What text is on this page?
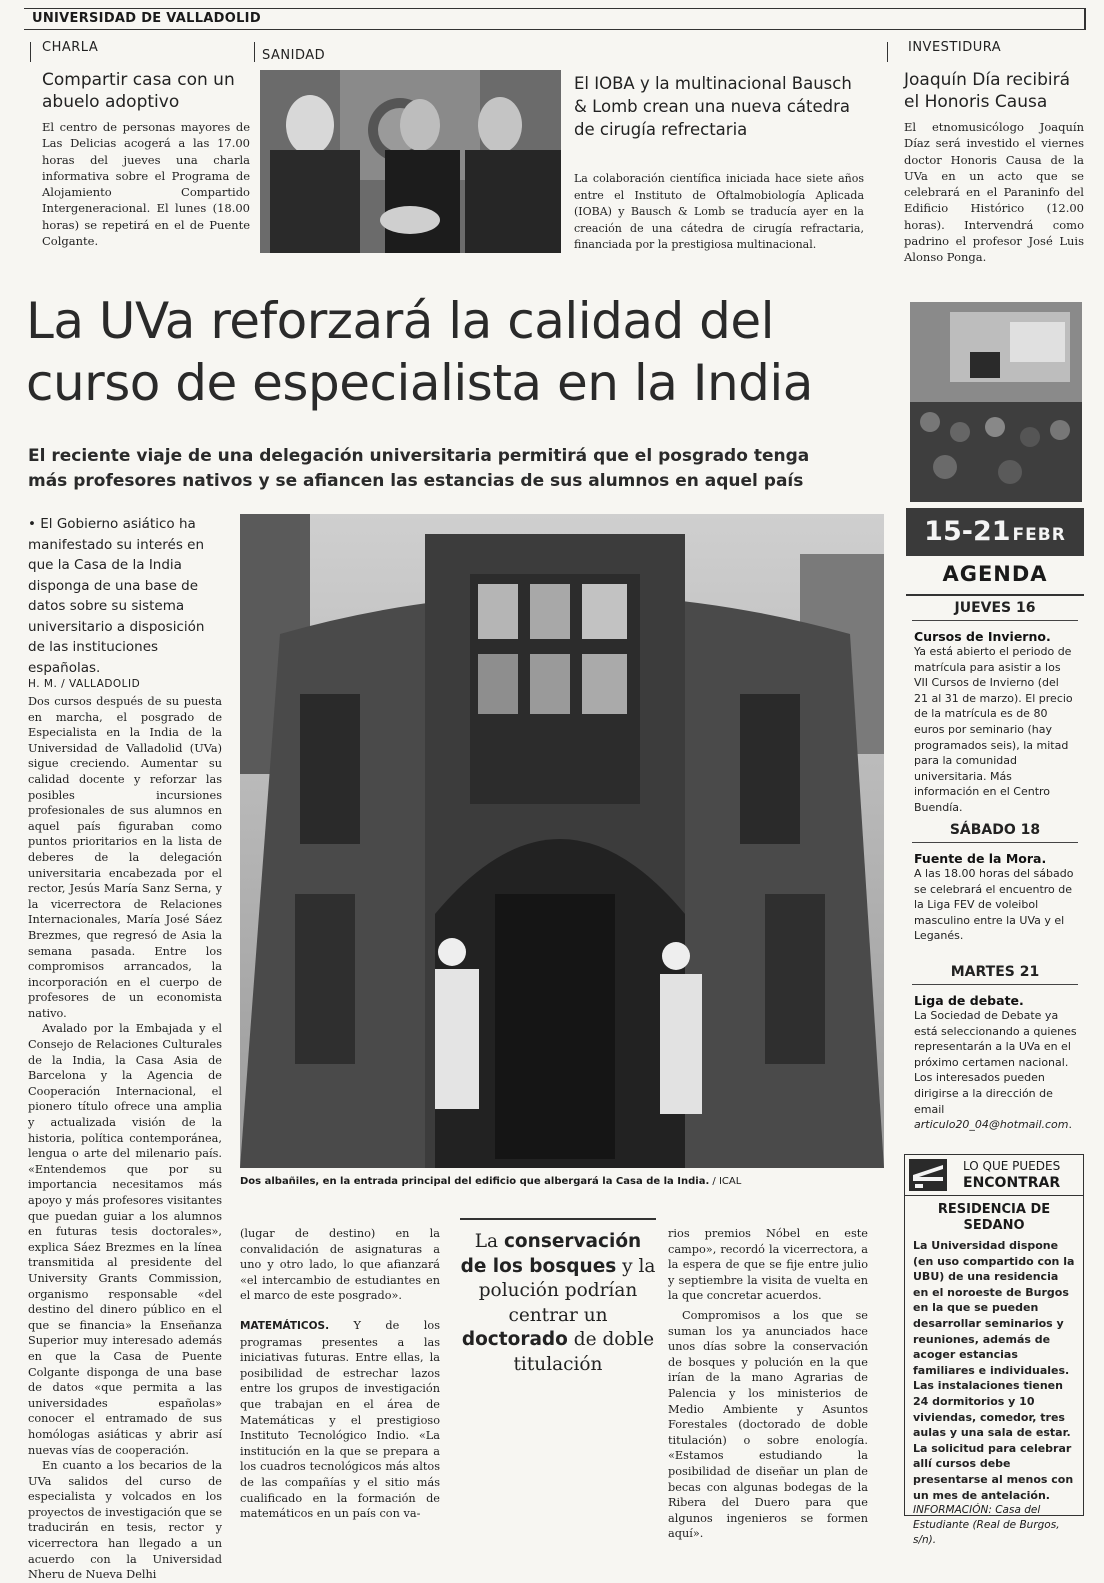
UNIVERSIDAD DE VALLADOLID
CHARLA
Compartir casa con un abuelo adoptivo
El centro de personas mayores de Las Delicias acogerá a las 17.00 horas del jueves una charla informativa sobre el Programa de Alojamiento Compartido Intergeneracional. El lunes (18.00 horas) se repetirá en el de Puente Colgante.
SANIDAD
El IOBA y la multinacional Bausch & Lomb crean una nueva cátedra de cirugía refrectaria
La colaboración científica iniciada hace siete años entre el Instituto de Oftalmobiología Aplicada (IOBA) y Bausch & Lomb se traducía ayer en la creación de una cátedra de cirugía refractaria, financiada por la prestigiosa multinacional.
INVESTIDURA
Joaquín Día recibirá el Honoris Causa
El etnomusicólogo Joaquín Díaz será investido el viernes doctor Honoris Causa de la UVa en un acto que se celebrará en el Paraninfo del Edificio Histórico (12.00 horas). Intervendrá como padrino el profesor José Luis Alonso Ponga.
La UVa reforzará la calidad del
curso de especialista en la India
El reciente viaje de una delegación universitaria permitirá que el posgrado tenga
más profesores nativos y se afiancen las estancias de sus alumnos en aquel país
• El Gobierno asiático ha manifestado su interés en que la Casa de la India disponga de una base de datos sobre su sistema universitario a disposición de las instituciones españolas.
H. M. / VALLADOLID

Dos cursos después de su puesta en marcha, el posgrado de Especialista en la India de la Universidad de Valladolid (UVa) sigue creciendo. Aumentar su calidad docente y reforzar las posibles incursiones profesionales de sus alumnos en aquel país figuraban como puntos prioritarios en la lista de deberes de la delegación universitaria encabezada por el rector, Jesús María Sanz Serna, y la vicerrectora de Relaciones Internacionales, María José Sáez Brezmes, que regresó de Asia la semana pasada. Entre los compromisos arrancados, la incorporación en el cuerpo de profesores de un economista nativo.

Avalado por la Embajada y el Consejo de Relaciones Culturales de la India, la Casa Asia de Barcelona y la Agencia de Cooperación Internacional, el pionero título ofrece una amplia y actualizada visión de la historia, política contemporánea, lengua o arte del milenario país. «Entendemos que por su importancia necesitamos más apoyo y más profesores visitantes que puedan guiar a los alumnos en futuras tesis doctorales», explica Sáez Brezmes en la línea transmitida al presidente del University Grants Commission, organismo responsable «del destino del dinero público en el que se financia» la Enseñanza Superior muy interesado además en que la Casa de Puente Colgante disponga de una base de datos «que permita a las universidades españolas» conocer el entramado de sus homólogas asiáticas y abrir así nuevas vías de cooperación.

En cuanto a los becarios de la UVa salidos del curso de especialista y volcados en los proyectos de investigación que se traducirán en tesis, rector y vicerrectora han llegado a un acuerdo con la Universidad Nheru de Nueva Delhi

Dos albañiles, en la entrada principal del edificio que albergará la Casa de la India. / ICAL

(lugar de destino) en la convalidación de asignaturas a uno y otro lado, lo que afianzará «el intercambio de estudiantes en el marco de este posgrado».

MATEMÁTICOS. Y de los programas presentes a las iniciativas futuras. Entre ellas, la posibilidad de estrechar lazos entre los grupos de investigación que trabajan en el área de Matemáticas y el prestigioso Instituto Tecnológico Indio. «La institución en la que se prepara a los cuadros tecnológicos más altos de las compañías y el sitio más cualificado en la formación de matemáticos en un país con va-

La conservación de los bosques y la polución podrían centrar un doctorado de doble titulación

rios premios Nóbel en este campo», recordó la vicerrectora, a la espera de que se fije entre julio y septiembre la visita de vuelta en la que concretar acuerdos.

Compromisos a los que se suman los ya anunciados hace unos días sobre la conservación de bosques y polución en la que irían de la mano Agrarias de Palencia y los ministerios de Medio Ambiente y Asuntos Forestales (doctorado de doble titulación) o sobre enología. «Estamos estudiando la posibilidad de diseñar un plan de becas con algunas bodegas de la Ribera del Duero para que algunos ingenieros se formen aquí».

15-21 FEBR
AGENDA
JUEVES 16
Cursos de Invierno.
Ya está abierto el periodo de matrícula para asistir a los VII Cursos de Invierno (del 21 al 31 de marzo). El precio de la matrícula es de 80 euros por seminario (hay programados seis), la mitad para la comunidad universitaria. Más información en el Centro Buendía.
SÁBADO 18
Fuente de la Mora.
A las 18.00 horas del sábado se celebrará el encuentro de la Liga FEV de voleibol masculino entre la UVa y el Leganés.
MARTES 21
Liga de debate.
La Sociedad de Debate ya está seleccionando a quienes representarán a la UVa en el próximo certamen nacional. Los interesados pueden dirigirse a la dirección de email articulo20_04@hotmail.com.
LO QUE PUEDES
ENCONTRAR
RESIDENCIA DE
SEDANO
La Universidad dispone (en uso compartido con la UBU) de una residencia en el noroeste de Burgos en la que se pueden desarrollar seminarios y reuniones, además de acoger estancias familiares e individuales. Las instalaciones tienen 24 dormitorios y 10 viviendas, comedor, tres aulas y una sala de estar. La solicitud para celebrar allí cursos debe presentarse al menos con un mes de antelación.
INFORMACIÓN: Casa del Estudiante (Real de Burgos, s/n).
